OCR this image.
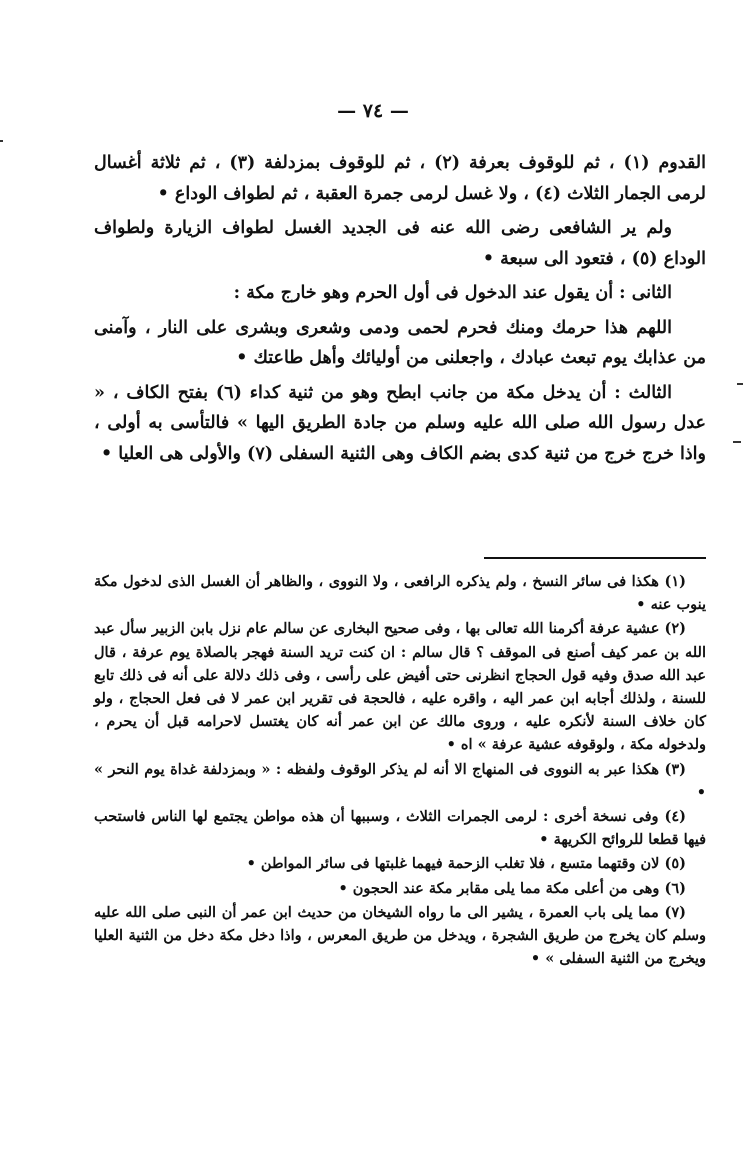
— ٧٤ —

القدوم (١) ، ثم للوقوف بعرفة (٢) ، ثم للوقوف بمزدلفة (٣) ، ثم ثلاثة أغسال لرمى الجمار الثلاث (٤) ، ولا غسل لرمى جمرة العقبة ، ثم لطواف الوداع •

ولم ير الشافعى رضى الله عنه فى الجديد الغسل لطواف الزيارة ولطواف الوداع (٥) ، فتعود الى سبعة •

الثانى : أن يقول عند الدخول فى أول الحرم وهو خارج مكة :

اللهم هذا حرمك ومنك فحرم لحمى ودمى وشعرى وبشرى على النار ، وآمنى من عذابك يوم تبعث عبادك ، واجعلنى من أوليائك وأهل طاعتك •

الثالث : أن يدخل مكة من جانب ابطح وهو من ثنية كداء (٦) بفتح الكاف ، « عدل رسول الله صلى الله عليه وسلم من جادة الطريق اليها » فالتأسى به أولى ، واذا خرج خرج من ثنية كدى بضم الكاف وهى الثنية السفلى (٧) والأولى هى العليا •

(١) هكذا فى سائر النسخ ، ولم يذكره الرافعى ، ولا النووى ، والظاهر أن الغسل الذى لدخول مكة ينوب عنه •

(٢) عشية عرفة أكرمنا الله تعالى بها ، وفى صحيح البخارى عن سالم عام نزل بابن الزبير سأل عبد الله بن عمر كيف أصنع فى الموقف ؟ قال سالم : ان كنت تريد السنة فهجر بالصلاة يوم عرفة ، قال عبد الله صدق وفيه قول الحجاج انظرنى حتى أفيض على رأسى ، وفى ذلك دلالة على أنه فى ذلك تابع للسنة ، ولذلك أجابه ابن عمر اليه ، واقره عليه ، فالحجة فى تقرير ابن عمر لا فى فعل الحجاج ، ولو كان خلاف السنة لأنكره عليه ، وروى مالك عن ابن عمر أنه كان يغتسل لاحرامه قبل أن يحرم ، ولدخوله مكة ، ولوقوفه عشية عرفة » اه •

(٣) هكذا عبر به النووى فى المنهاج الا أنه لم يذكر الوقوف ولفظه : « وبمزدلفة غداة يوم النحر » •

(٤) وفى نسخة أخرى : لرمى الجمرات الثلاث ، وسببها أن هذه مواطن يجتمع لها الناس فاستحب فيها قطعا للروائح الكريهة •

(٥) لان وقتهما متسع ، فلا تغلب الزحمة فيهما غلبتها فى سائر المواطن •

(٦) وهى من أعلى مكة مما يلى مقابر مكة عند الحجون •

(٧) مما يلى باب العمرة ، يشير الى ما رواه الشيخان من حديث ابن عمر أن النبى صلى الله عليه وسلم كان يخرج من طريق الشجرة ، ويدخل من طريق المعرس ، واذا دخل مكة دخل من الثنية العليا ويخرج من الثنية السفلى » •
